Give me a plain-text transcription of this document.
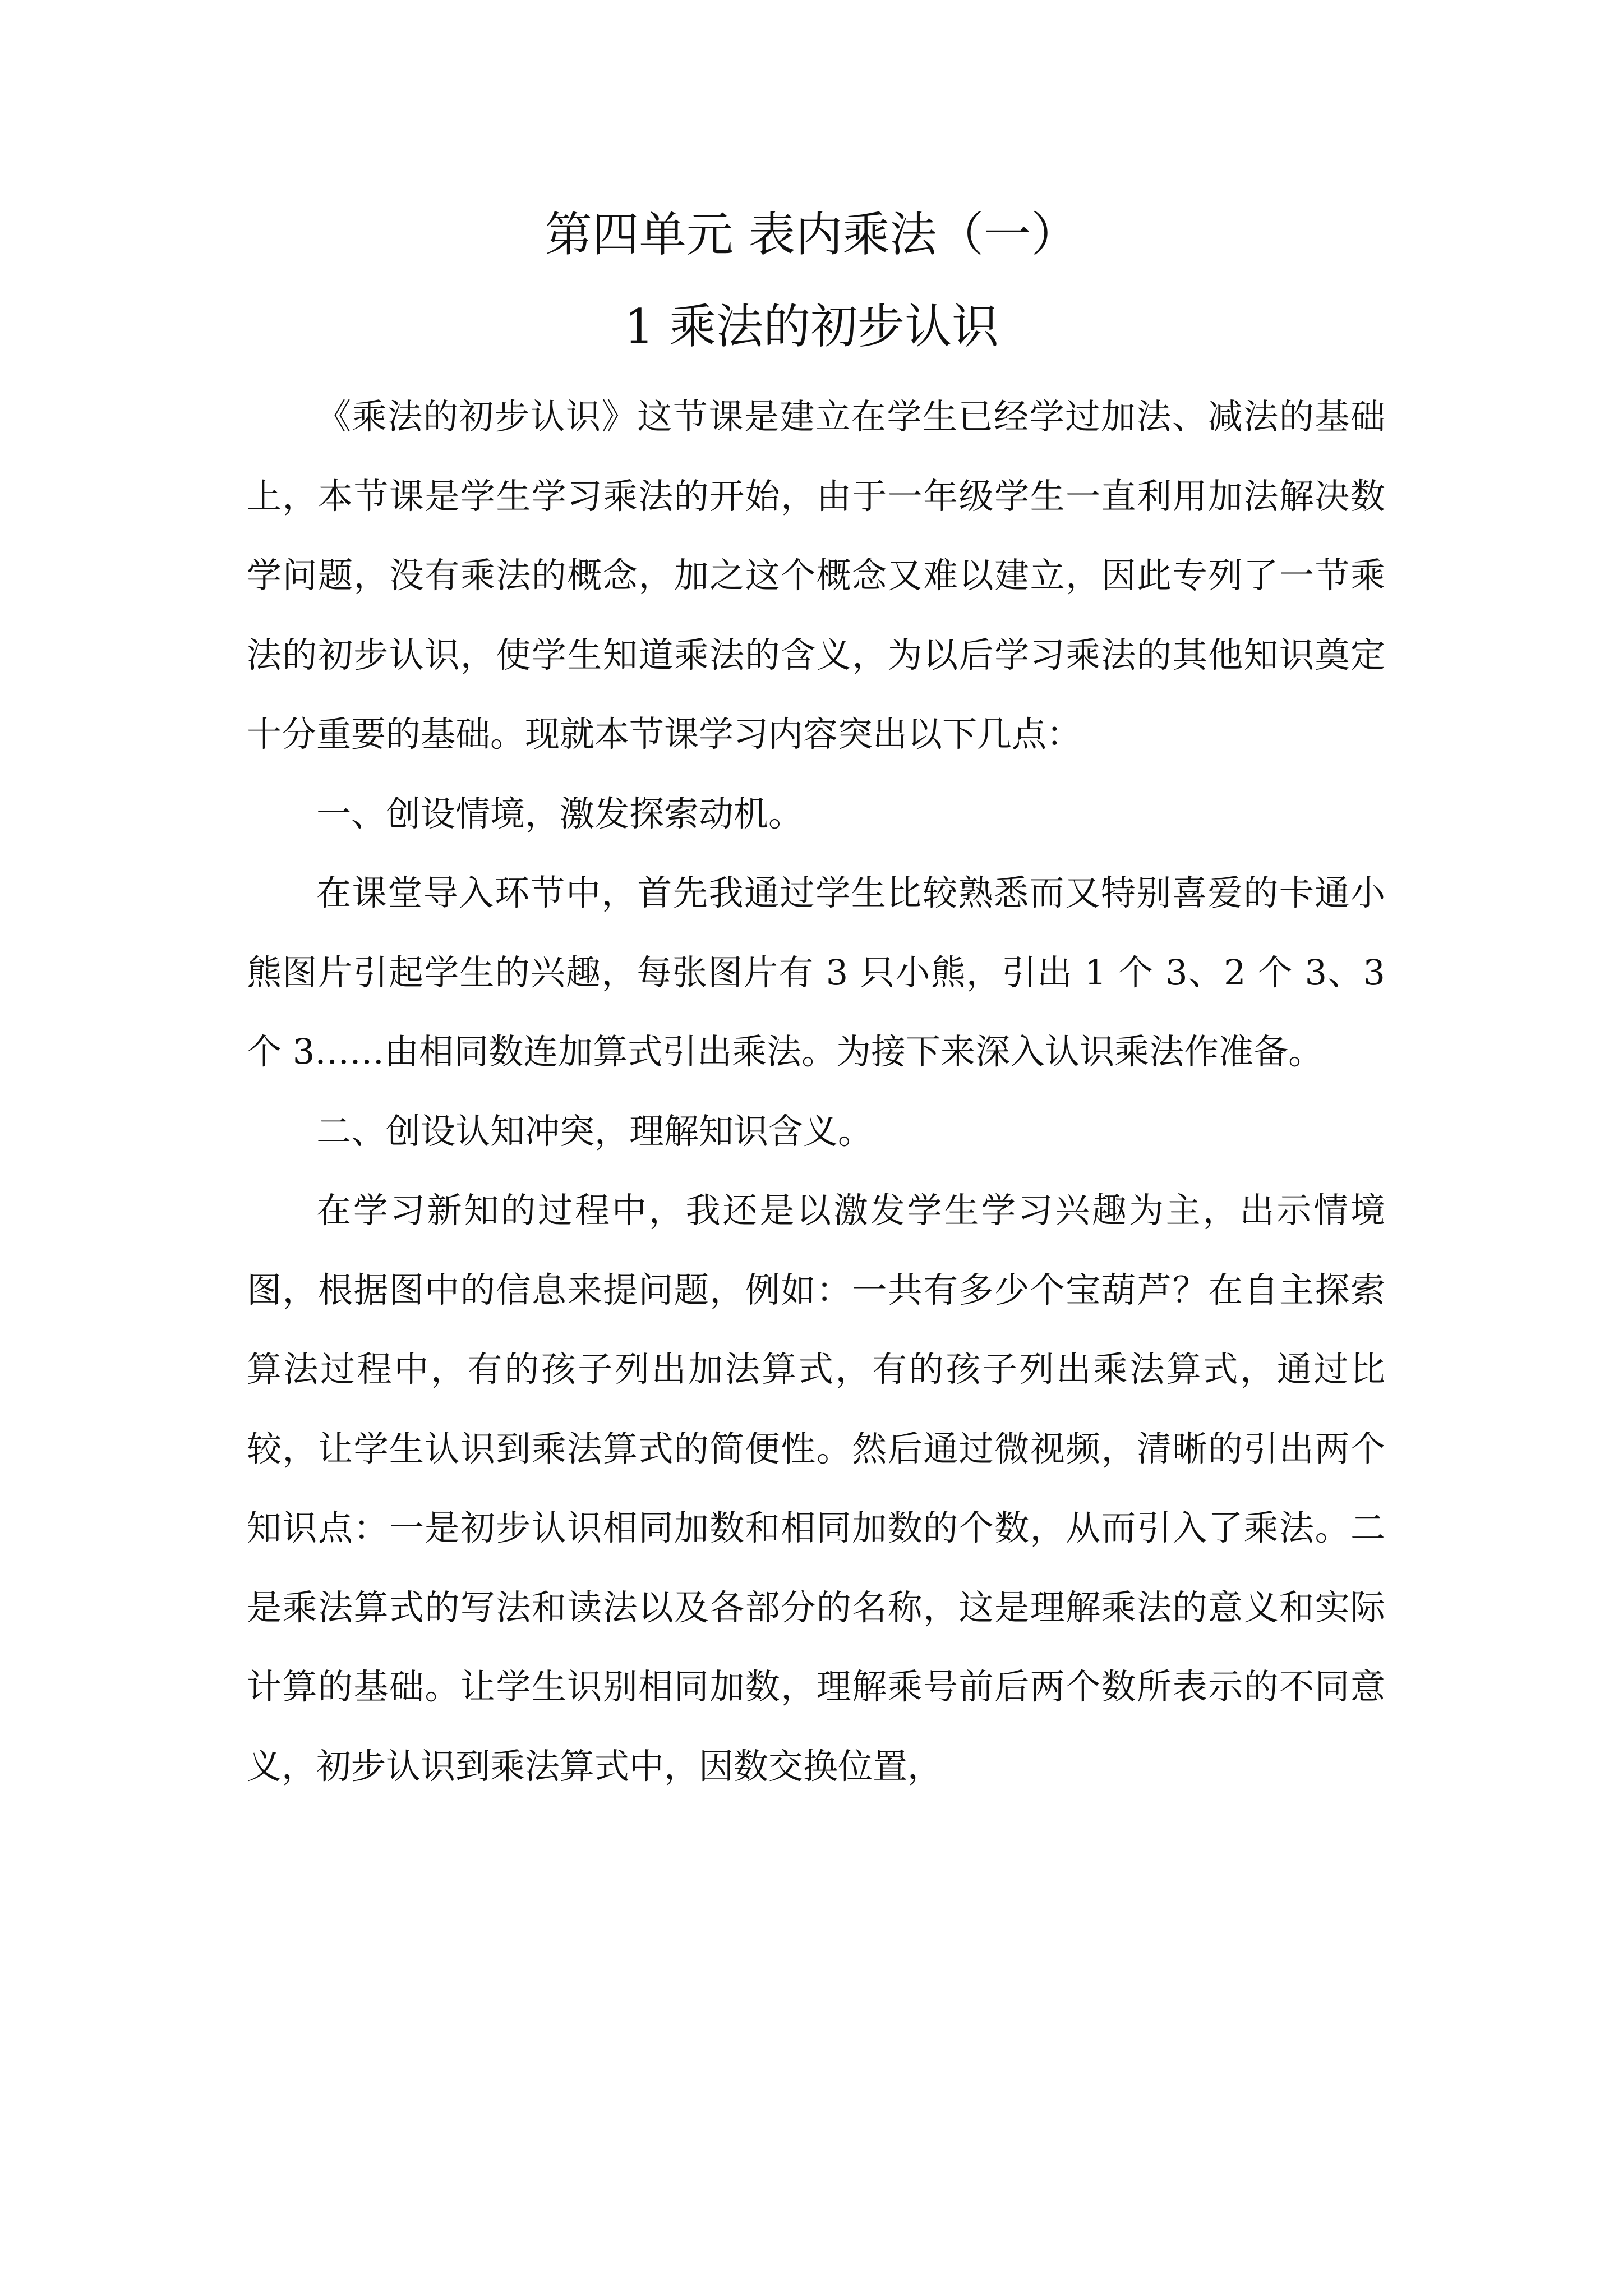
第四单元 表内乘法（一）
1 乘法的初步认识

《乘法的初步认识》这节课是建立在学生已经学过加法、减法的基础上，本节课是学生学习乘法的开始，由于一年级学生一直利用加法解决数学问题，没有乘法的概念，加之这个概念又难以建立，因此专列了一节乘法的初步认识，使学生知道乘法的含义，为以后学习乘法的其他知识奠定十分重要的基础。现就本节课学习内容突出以下几点：

一、创设情境，激发探索动机。

在课堂导入环节中，首先我通过学生比较熟悉而又特别喜爱的卡通小熊图片引起学生的兴趣，每张图片有 3 只小熊，引出 1 个 3、2 个 3、3 个 3……由相同数连加算式引出乘法。为接下来深入认识乘法作准备。

二、创设认知冲突，理解知识含义。

在学习新知的过程中，我还是以激发学生学习兴趣为主，出示情境图，根据图中的信息来提问题，例如：一共有多少个宝葫芦？在自主探索算法过程中，有的孩子列出加法算式，有的孩子列出乘法算式，通过比较，让学生认识到乘法算式的简便性。然后通过微视频，清晰的引出两个知识点：一是初步认识相同加数和相同加数的个数，从而引入了乘法。二是乘法算式的写法和读法以及各部分的名称，这是理解乘法的意义和实际计算的基础。让学生识别相同加数，理解乘号前后两个数所表示的不同意义，初步认识到乘法算式中，因数交换位置，
